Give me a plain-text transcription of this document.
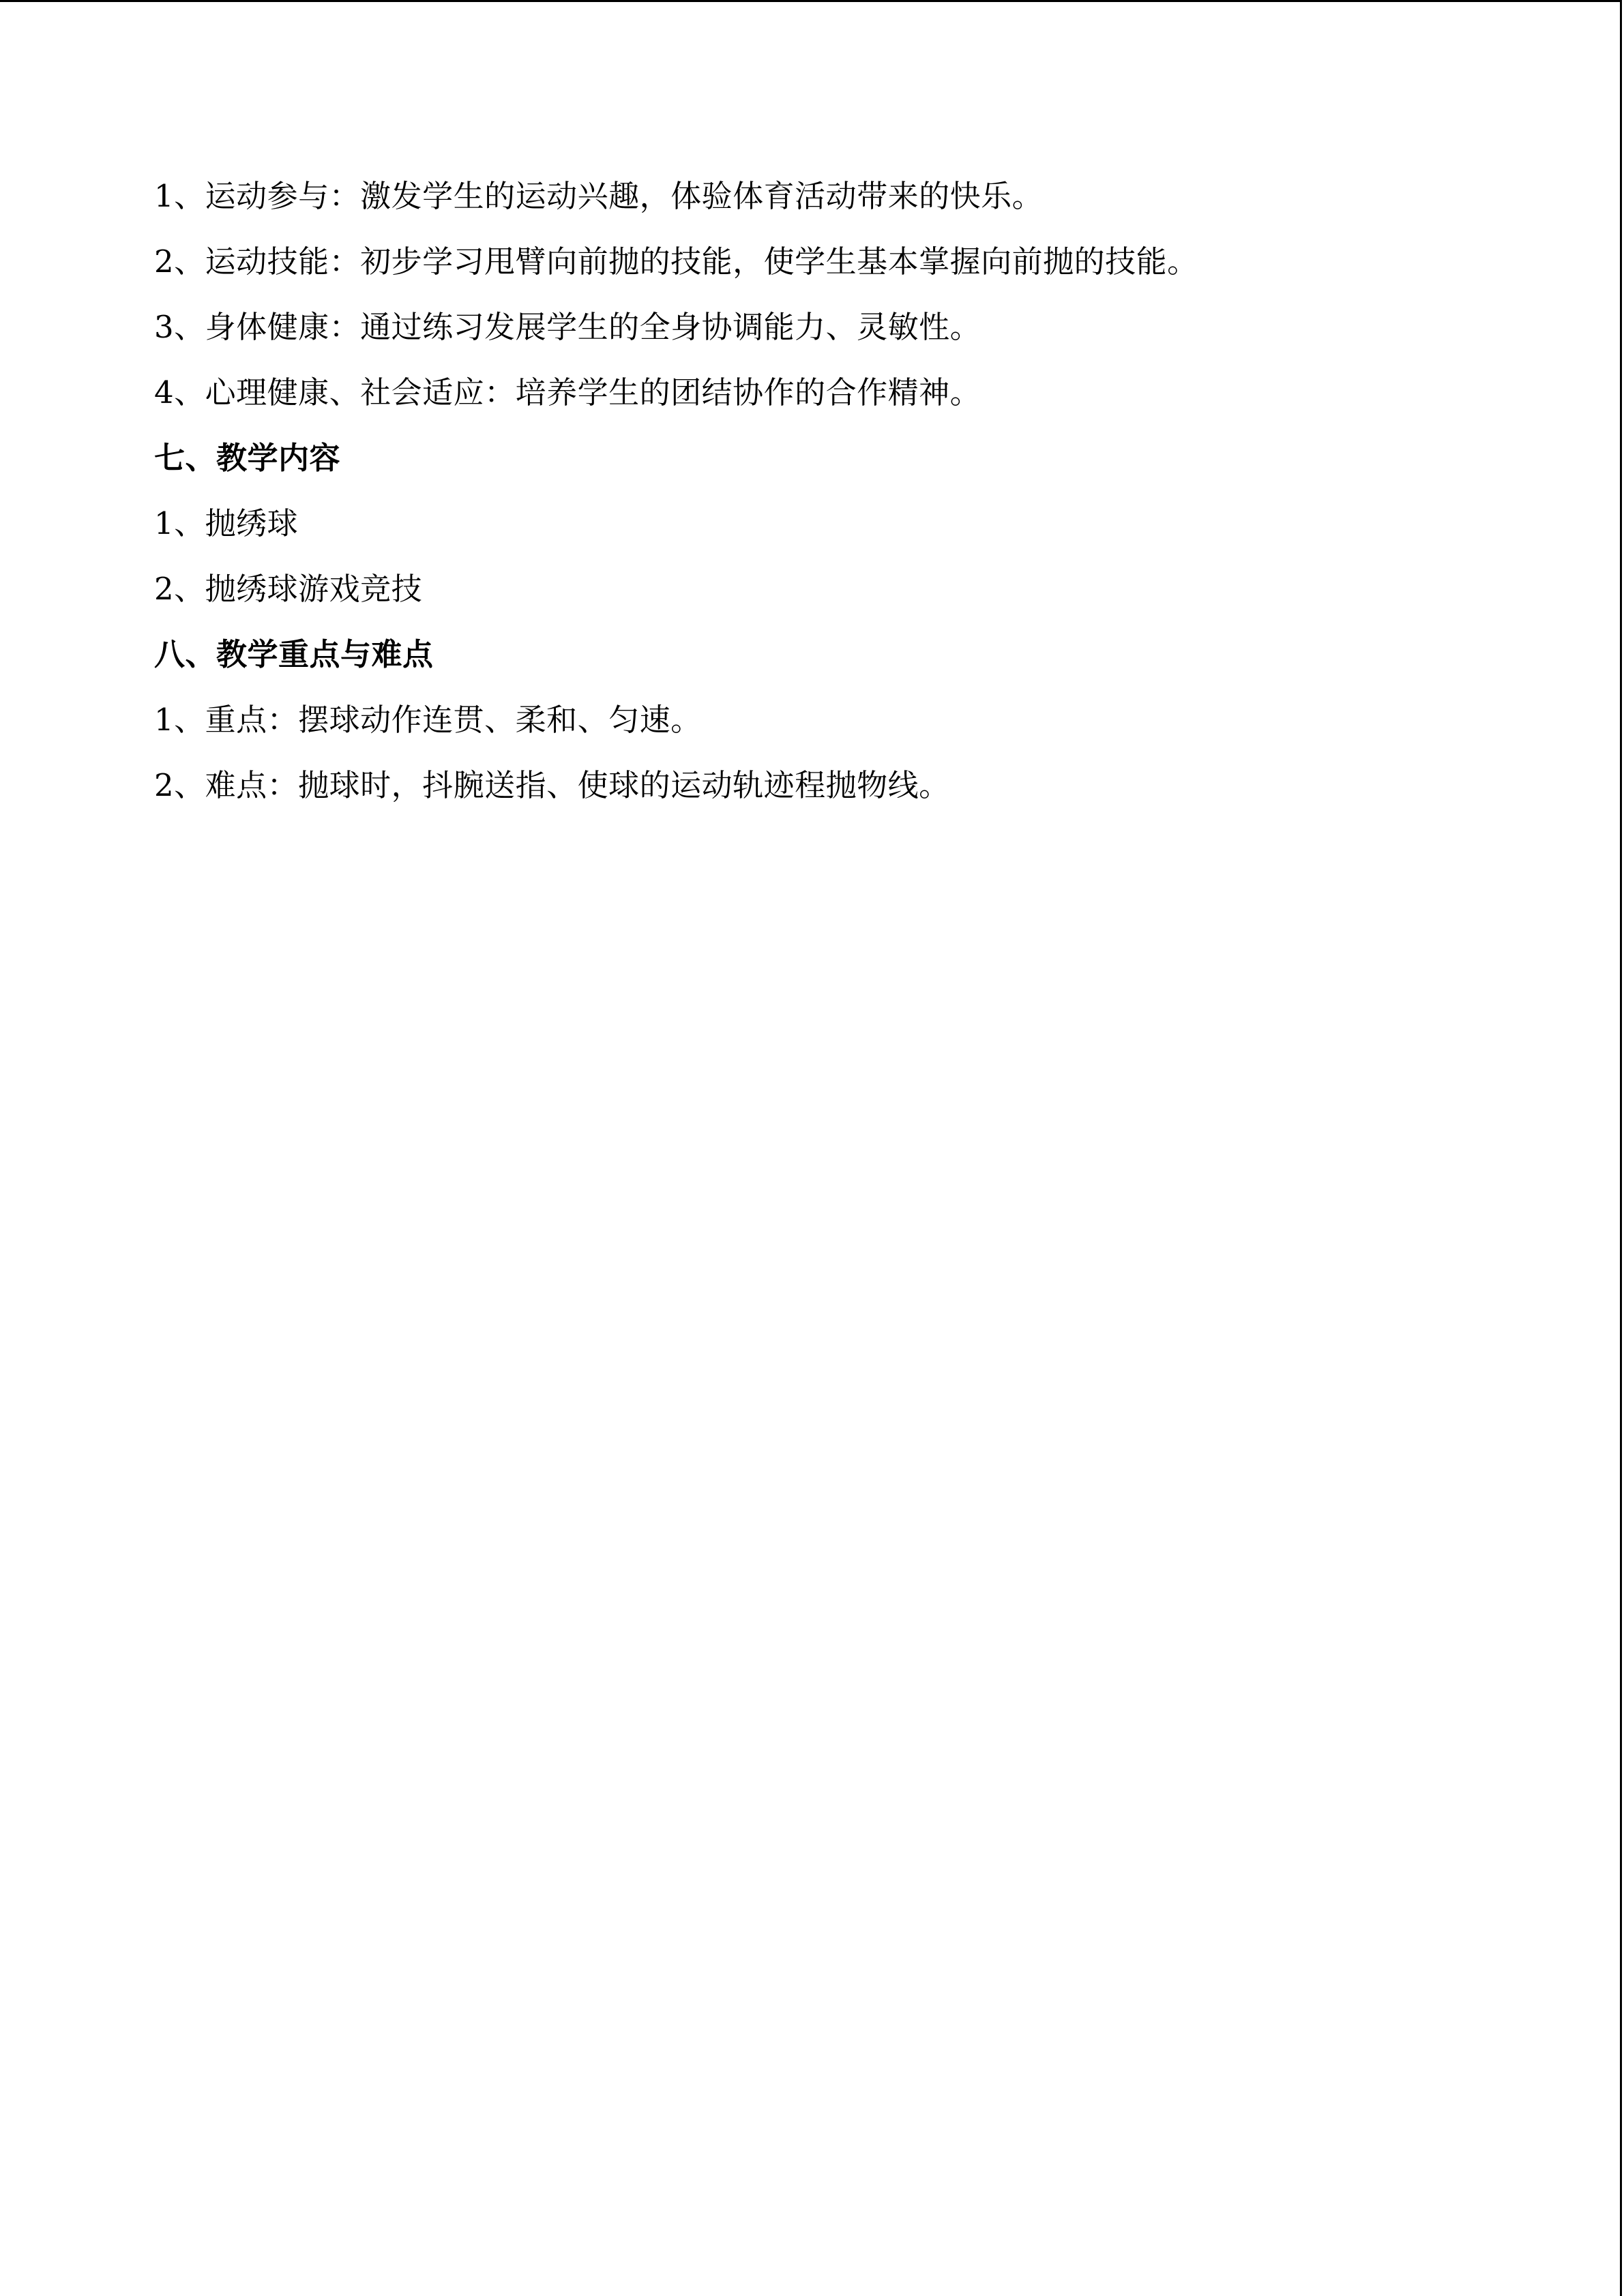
1、运动参与：激发学生的运动兴趣，体验体育活动带来的快乐。
2、运动技能：初步学习甩臂向前抛的技能，使学生基本掌握向前抛的技能。
3、身体健康：通过练习发展学生的全身协调能力、灵敏性。
4、心理健康、社会适应：培养学生的团结协作的合作精神。
七、教学内容
1、抛绣球
2、抛绣球游戏竞技
八、教学重点与难点
1、重点：摆球动作连贯、柔和、匀速。
2、难点：抛球时，抖腕送指、使球的运动轨迹程抛物线。
